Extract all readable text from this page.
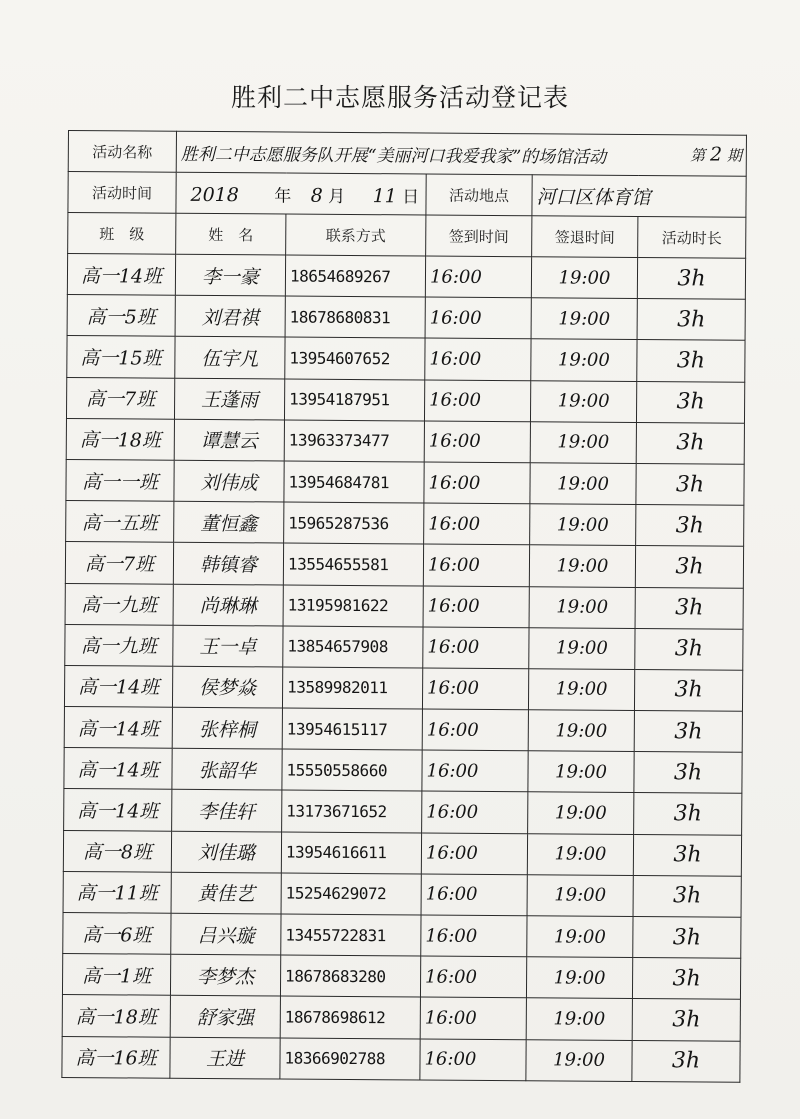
胜利二中志愿服务活动登记表
活动名称	胜利二中志愿服务队开展“美丽河口我爱我家”的场馆活动 第 2 期				

活动时间	2018 年 8 月 11 日		活动地点	河口区体育馆	
班　级	姓　名	联系方式	签到时间	签退时间	活动时长
高一14班	李一豪	18654689267	16:00	19:00	3h
高一5班	刘君祺	18678680831	16:00	19:00	3h
高一15班	伍宇凡	13954607652	16:00	19:00	3h
高一7班	王蓬雨	13954187951	16:00	19:00	3h
高一18班	谭慧云	13963373477	16:00	19:00	3h
高一一班	刘伟成	13954684781	16:00	19:00	3h
高一五班	董恒鑫	15965287536	16:00	19:00	3h
高一7班	韩镇睿	13554655581	16:00	19:00	3h
高一九班	尚琳琳	13195981622	16:00	19:00	3h
高一九班	王一卓	13854657908	16:00	19:00	3h
高一14班	侯梦焱	13589982011	16:00	19:00	3h
高一14班	张梓桐	13954615117	16:00	19:00	3h
高一14班	张韶华	15550558660	16:00	19:00	3h
高一14班	李佳轩	13173671652	16:00	19:00	3h
高一8班	刘佳璐	13954616611	16:00	19:00	3h
高一11班	黄佳艺	15254629072	16:00	19:00	3h
高一6班	吕兴璇	13455722831	16:00	19:00	3h
高一1班	李梦杰	18678683280	16:00	19:00	3h
高一18班	舒家强	18678698612	16:00	19:00	3h
高一16班	王进	18366902788	16:00	19:00	3h
